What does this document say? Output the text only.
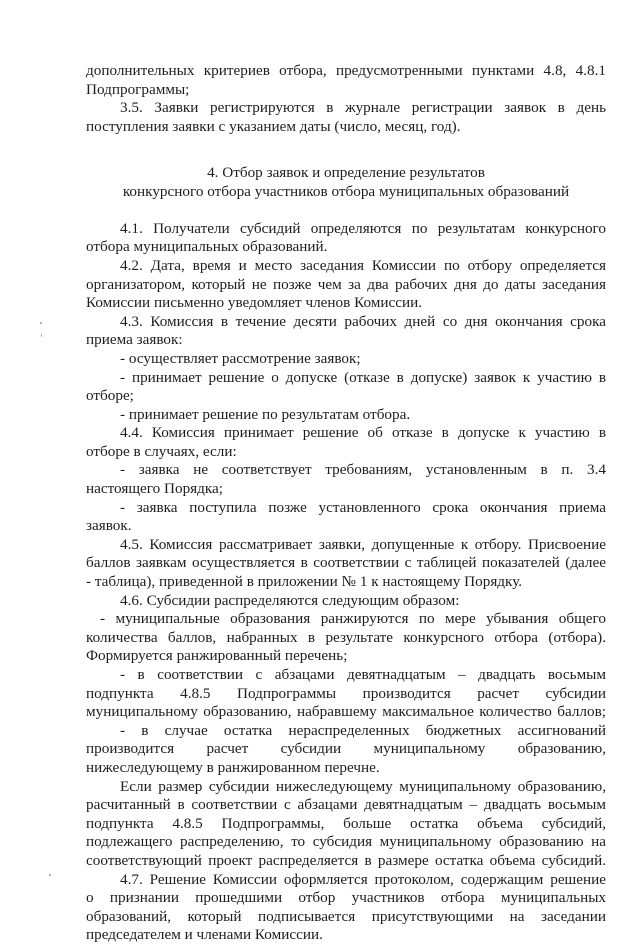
дополнительных критериев отбора, предусмотренными пунктами 4.8, 4.8.1

Подпрограммы;

3.5. Заявки регистрируются в журнале регистрации заявок в день

поступления заявки с указанием даты (число, месяц, год).

4. Отбор заявок и определение результатов

конкурсного отбора участников отбора муниципальных образований

4.1. Получатели субсидий определяются по результатам конкурсного

отбора муниципальных образований.

4.2. Дата, время и место заседания Комиссии по отбору определяется

организатором, который не позже чем за два рабочих дня до даты заседания

Комиссии письменно уведомляет членов Комиссии.

4.3. Комиссия в течение десяти рабочих дней со дня окончания срока

приема заявок:

- осуществляет рассмотрение заявок;

- принимает решение о допуске (отказе в допуске) заявок к участию в

отборе;

- принимает решение по результатам отбора.

4.4. Комиссия принимает решение об отказе в допуске к участию в

отборе в случаях, если:

- заявка не соответствует требованиям, установленным в п. 3.4

настоящего Порядка;

- заявка поступила позже установленного срока окончания приема

заявок.

4.5. Комиссия рассматривает заявки, допущенные к отбору. Присвоение

баллов заявкам осуществляется в соответствии с таблицей показателей (далее

- таблица), приведенной в приложении № 1 к настоящему Порядку.

4.6. Субсидии распределяются следующим образом:

- муниципальные образования ранжируются по мере убывания общего

количества баллов, набранных в результате конкурсного отбора (отбора).

Формируется ранжированный перечень;

- в соответствии с абзацами девятнадцатым – двадцать восьмым

подпункта 4.8.5 Подпрограммы производится расчет субсидии

муниципальному образованию, набравшему максимальное количество баллов;

- в случае остатка нераспределенных бюджетных ассигнований

производится расчет субсидии муниципальному образованию,

нижеследующему в ранжированном перечне.

Если размер субсидии нижеследующему муниципальному образованию,

расчитанный в соответствии с абзацами девятнадцатым – двадцать восьмым

подпункта 4.8.5 Подпрограммы, больше остатка объема субсидий,

подлежащего распределению, то субсидия муниципальному образованию на

соответствующий проект распределяется в размере остатка объема субсидий.

4.7. Решение Комиссии оформляется протоколом, содержащим решение

о признании прошедшими отбор участников отбора муниципальных

образований, который подписывается присутствующими на заседании

председателем и членами Комиссии.
